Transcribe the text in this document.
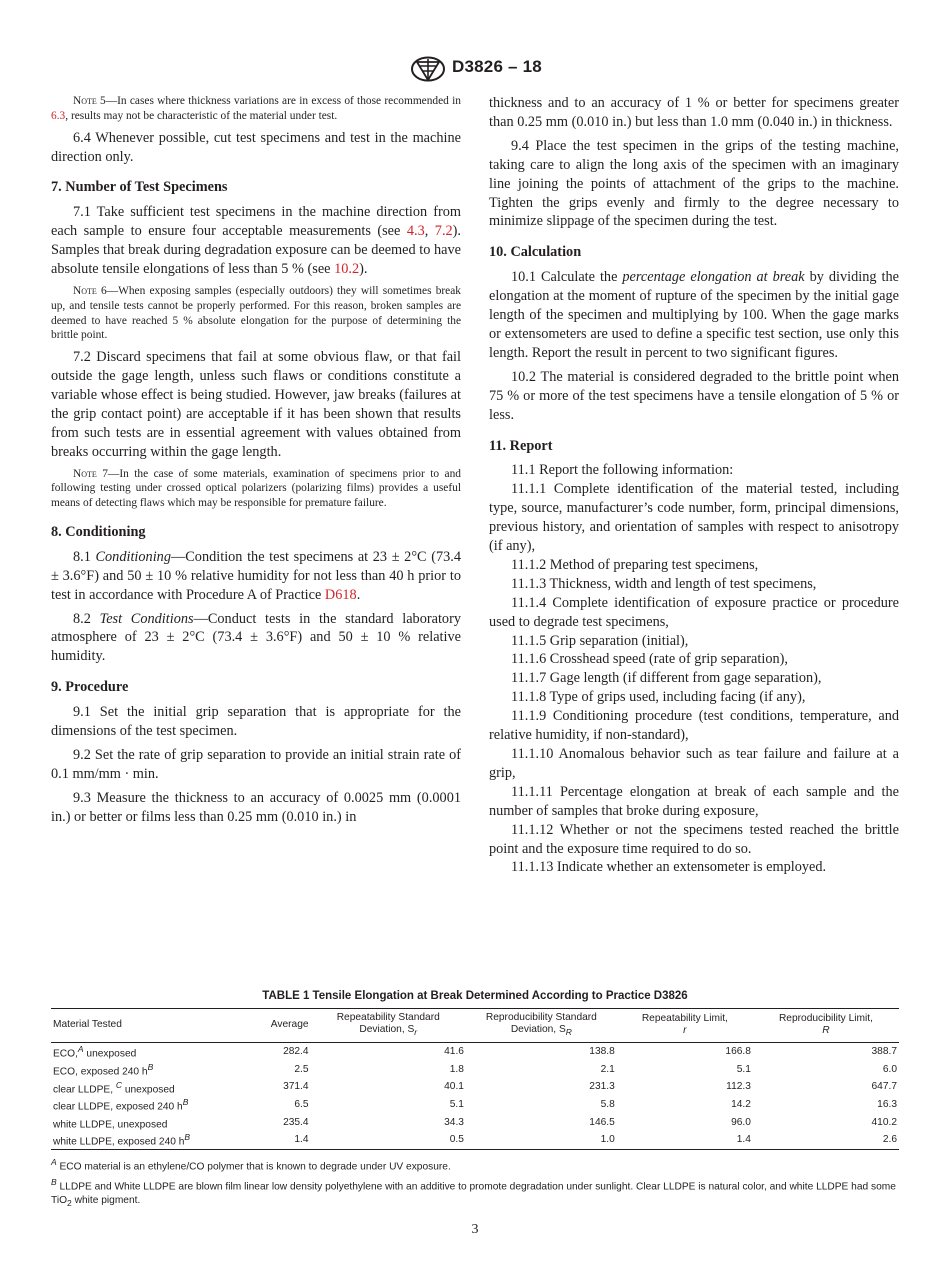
D3826 – 18

Note 5—In cases where thickness variations are in excess of those recommended in 6.3, results may not be characteristic of the material under test.

6.4 Whenever possible, cut test specimens and test in the machine direction only.

7. Number of Test Specimens

7.1 Take sufficient test specimens in the machine direction from each sample to ensure four acceptable measurements (see 4.3, 7.2). Samples that break during degradation exposure can be deemed to have absolute tensile elongations of less than 5 % (see 10.2).

Note 6—When exposing samples (especially outdoors) they will sometimes break up, and tensile tests cannot be properly performed. For this reason, broken samples are deemed to have reached 5 % absolute elongation for the purpose of determining the brittle point.

7.2 Discard specimens that fail at some obvious flaw, or that fail outside the gage length, unless such flaws or conditions constitute a variable whose effect is being studied. However, jaw breaks (failures at the grip contact point) are acceptable if it has been shown that results from such tests are in essential agreement with values obtained from breaks occurring within the gage length.

Note 7—In the case of some materials, examination of specimens prior to and following testing under crossed optical polarizers (polarizing films) provides a useful means of detecting flaws which may be responsible for premature failure.

8. Conditioning

8.1 Conditioning—Condition the test specimens at 23 ± 2°C (73.4 ± 3.6°F) and 50 ± 10 % relative humidity for not less than 40 h prior to test in accordance with Procedure A of Practice D618.

8.2 Test Conditions—Conduct tests in the standard laboratory atmosphere of 23 ± 2°C (73.4 ± 3.6°F) and 50 ± 10 % relative humidity.

9. Procedure

9.1 Set the initial grip separation that is appropriate for the dimensions of the test specimen.

9.2 Set the rate of grip separation to provide an initial strain rate of 0.1 mm/mm · min.

9.3 Measure the thickness to an accuracy of 0.0025 mm (0.0001 in.) or better or films less than 0.25 mm (0.010 in.) in

thickness and to an accuracy of 1 % or better for specimens greater than 0.25 mm (0.010 in.) but less than 1.0 mm (0.040 in.) in thickness.

9.4 Place the test specimen in the grips of the testing machine, taking care to align the long axis of the specimen with an imaginary line joining the points of attachment of the grips to the machine. Tighten the grips evenly and firmly to the degree necessary to minimize slippage of the specimen during the test.

10. Calculation

10.1 Calculate the percentage elongation at break by dividing the elongation at the moment of rupture of the specimen by the initial gage length of the specimen and multiplying by 100. When the gage marks or extensometers are used to define a specific test section, use only this length. Report the result in percent to two significant figures.

10.2 The material is considered degraded to the brittle point when 75 % or more of the test specimens have a tensile elongation of 5 % or less.

11. Report

11.1 Report the following information:

11.1.1 Complete identification of the material tested, including type, source, manufacturer’s code number, form, principal dimensions, previous history, and orientation of samples with respect to anisotropy (if any),

11.1.2 Method of preparing test specimens,

11.1.3 Thickness, width and length of test specimens,

11.1.4 Complete identification of exposure practice or procedure used to degrade test specimens,

11.1.5 Grip separation (initial),

11.1.6 Crosshead speed (rate of grip separation),

11.1.7 Gage length (if different from gage separation),

11.1.8 Type of grips used, including facing (if any),

11.1.9 Conditioning procedure (test conditions, temperature, and relative humidity, if non-standard),

11.1.10 Anomalous behavior such as tear failure and failure at a grip,

11.1.11 Percentage elongation at break of each sample and the number of samples that broke during exposure,

11.1.12 Whether or not the specimens tested reached the brittle point and the exposure time required to do so.

11.1.13 Indicate whether an extensometer is employed.

TABLE 1 Tensile Elongation at Break Determined According to Practice D3826
Material Tested	Average	Repeatability Standard
Deviation, $S_r$	Reproducibility Standard
Deviation, $S_R$	Repeatability Limit,
r	Reproducibility Limit,
R
ECO,$^A$ unexposed	282.4	41.6	138.8	166.8	388.7
ECO, exposed 240 $h^B$	2.5	1.8	2.1	5.1	6.0
clear LLDPE, $^C$ unexposed	371.4	40.1	231.3	112.3	647.7
clear LLDPE, exposed 240 $h^B$	6.5	5.1	5.8	14.2	16.3
white LLDPE, unexposed	235.4	34.3	146.5	96.0	410.2
white LLDPE, exposed 240 $h^B$	1.4	0.5	1.0	1.4	2.6

$^A$ ECO material is an ethylene/CO polymer that is known to degrade under UV exposure.

$^B$ LLDPE and White LLDPE are blown film linear low density polyethylene with an additive to promote degradation under sunlight. Clear LLDPE is natural color, and white LLDPE had some TiO$_2$ white pigment.

3
